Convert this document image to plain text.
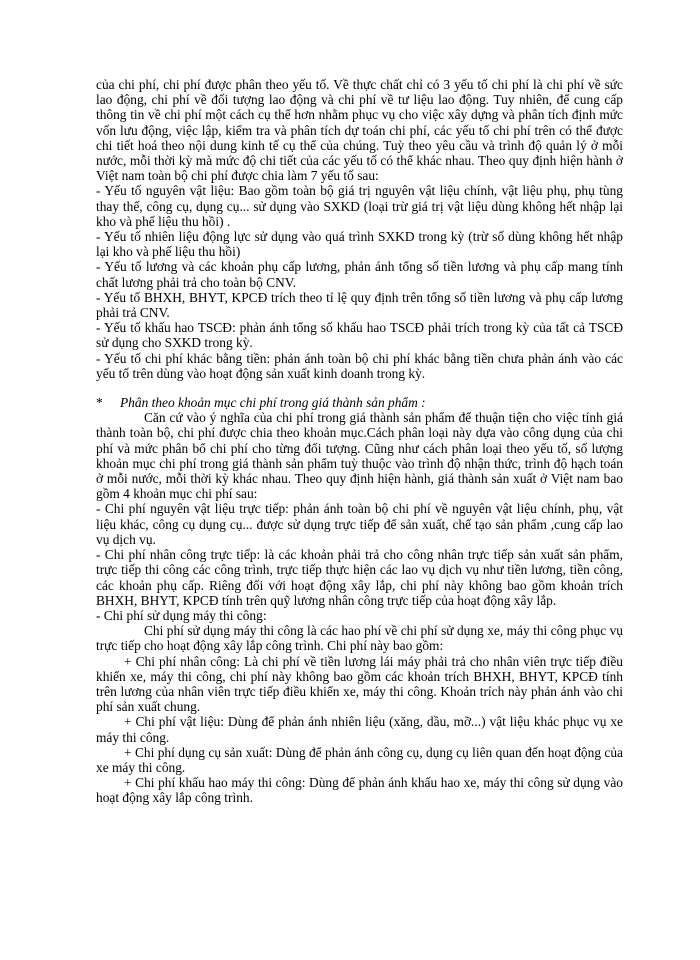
của chi phí, chi phí được phân theo yếu tố. Về thực chất chỉ có 3 yếu tố chi phí là chi phí về sức lao động, chi phí về đối tượng lao động và chi phí về tư liệu lao động. Tuy nhiên, để cung cấp thông tin về chi phí một cách cụ thể hơn nhằm phục vụ cho việc xây dựng và phân tích định mức vốn lưu động, việc lập, kiểm tra và phân tích dự toán chi phí, các yếu tố chi phí trên có thể được chi tiết hoá theo nội dung kinh tế cụ thể của chúng. Tuỳ theo yêu cầu và trình độ quản lý ở mỗi nước, mỗi thời kỳ mà mức độ chi tiết của các yếu tố có thể khác nhau. Theo quy định hiện hành ở Việt nam toàn bộ chi phí được chia làm 7 yếu tố sau:

- Yếu tố nguyên vật liệu: Bao gồm toàn bộ giá trị nguyên vật liệu chính, vật liệu phụ, phụ tùng thay thế, công cụ, dụng cụ... sử dụng vào SXKD (loại trừ giá trị vật liệu dùng không hết nhập lại kho và phế liệu thu hồi) .

- Yếu tố nhiên liệu động lực sử dụng vào quá trình SXKD trong kỳ (trừ số dùng không hết nhập lại kho và phế liệu thu hồi)

- Yếu tố lương và các khoản phụ cấp lương, phản ánh tổng số tiền lương và phụ cấp mang tính chất lương phải trả cho toàn bộ CNV.

- Yếu tố BHXH, BHYT, KPCĐ trích theo tỉ lệ quy định trên tổng số tiền lương và phụ cấp lương phải trả CNV.

- Yếu tố khấu hao TSCĐ: phản ánh tổng số khấu hao TSCĐ phải trích trong kỳ của tất cả TSCĐ sử dụng cho SXKD trong kỳ.

- Yếu tố chi phí khác bằng tiền: phản ánh toàn bộ chi phí khác bằng tiền chưa phản ánh vào các yếu tố trên dùng vào hoạt động sản xuất kinh doanh trong kỳ.

* Phân theo khoản mục chi phí trong giá thành sản phẩm :

Căn cứ vào ý nghĩa của chi phí trong giá thành sản phẩm để thuận tiện cho việc tính giá thành toàn bộ, chi phí được chia theo khoản mục.Cách phân loại này dựa vào công dụng của chi phí và mức phân bổ chi phí cho từng đối tượng. Cũng như cách phân loại theo yếu tố, số lượng khoản mục chi phí trong giá thành sản phẩm tuỳ thuộc vào trình độ nhận thức, trình độ hạch toán ở mỗi nước, mỗi thời kỳ khác nhau. Theo quy định hiện hành, giá thành sản xuất ở Việt nam bao gồm 4 khoản mục chi phí sau:

- Chi phí nguyên vật liệu trực tiếp: phản ánh toàn bộ chi phí về nguyên vật liệu chính, phụ, vật liệu khác, công cụ dụng cụ... được sử dụng trực tiếp để sản xuất, chế tạo sản phẩm ,cung cấp lao vụ dịch vụ.

- Chi phí nhân công trực tiếp: là các khoản phải trả cho công nhân trực tiếp sản xuất sản phẩm, trực tiếp thi công các công trình, trực tiếp thực hiện các lao vụ dịch vụ như tiền lương, tiền công, các khoản phụ cấp. Riêng đối với hoạt động xây lắp, chi phí này không bao gồm khoản trích BHXH, BHYT, KPCĐ tính trên quỹ lương nhân công trực tiếp của hoạt động xây lắp.

- Chi phí sử dụng máy thi công:

Chi phí sử dụng máy thi công là các hao phí về chi phí sử dụng xe, máy thi công phục vụ trực tiếp cho hoạt động xây lắp công trình. Chi phí này bao gồm:

+ Chi phí nhân công: Là chi phí về tiền lương lái máy phải trả cho nhân viên trực tiếp điều khiển xe, máy thi công, chi phí này không bao gồm các khoản trích BHXH, BHYT, KPCĐ tính trên lương của nhân viên trực tiếp điều khiển xe, máy thi công. Khoản trích này phản ánh vào chi phí sản xuất chung.

+ Chi phí vật liệu: Dùng để phản ánh nhiên liệu (xăng, dầu, mỡ...) vật liệu khác phục vụ xe máy thi công.

+ Chi phí dụng cụ sản xuất: Dùng để phản ánh công cụ, dụng cụ liên quan đến hoạt động của xe máy thi công.

+ Chi phí khấu hao máy thi công: Dùng để phản ánh khấu hao xe, máy thi công sử dụng vào hoạt động xây lắp công trình.
